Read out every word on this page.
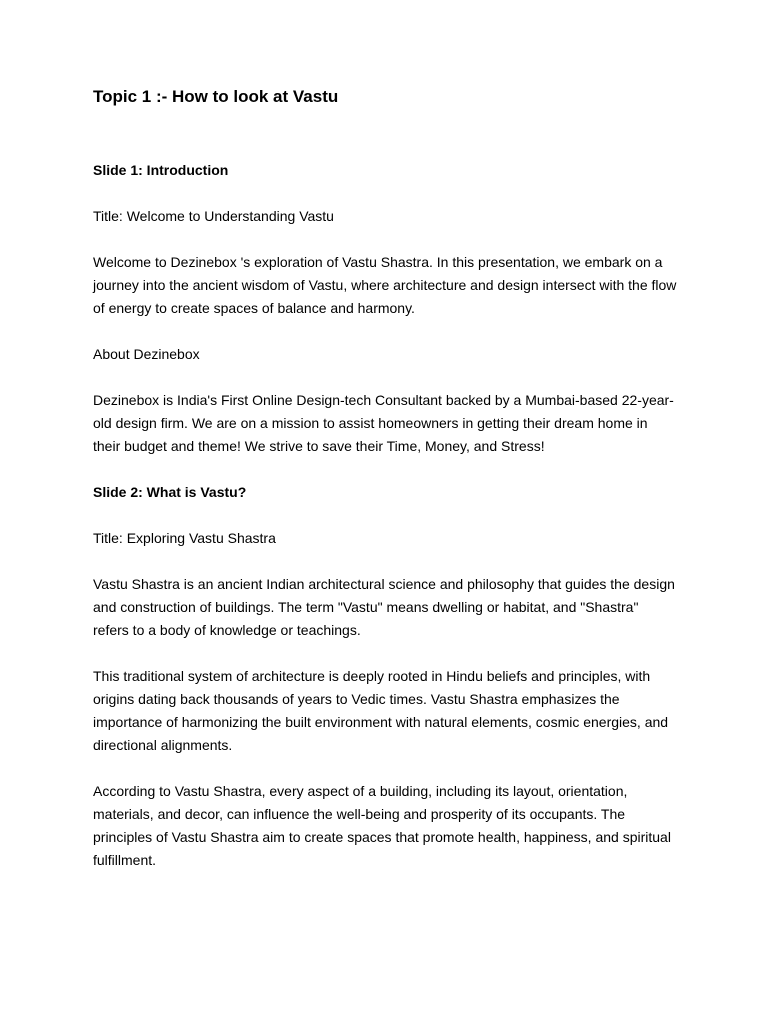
Topic 1 :- How to look at Vastu
Slide 1: Introduction

Title: Welcome to Understanding Vastu

Welcome to Dezinebox 's exploration of Vastu Shastra. In this presentation, we embark on a journey into the ancient wisdom of Vastu, where architecture and design intersect with the flow of energy to create spaces of balance and harmony.

About Dezinebox

Dezinebox is India's First Online Design-tech Consultant backed by a Mumbai-based 22-year-old design firm. We are on a mission to assist homeowners in getting their dream home in their budget and theme! We strive to save their Time, Money, and Stress!

Slide 2: What is Vastu?

Title: Exploring Vastu Shastra

Vastu Shastra is an ancient Indian architectural science and philosophy that guides the design and construction of buildings. The term "Vastu" means dwelling or habitat, and "Shastra" refers to a body of knowledge or teachings.

This traditional system of architecture is deeply rooted in Hindu beliefs and principles, with origins dating back thousands of years to Vedic times. Vastu Shastra emphasizes the importance of harmonizing the built environment with natural elements, cosmic energies, and directional alignments.

According to Vastu Shastra, every aspect of a building, including its layout, orientation, materials, and decor, can influence the well-being and prosperity of its occupants. The principles of Vastu Shastra aim to create spaces that promote health, happiness, and spiritual fulfillment.
